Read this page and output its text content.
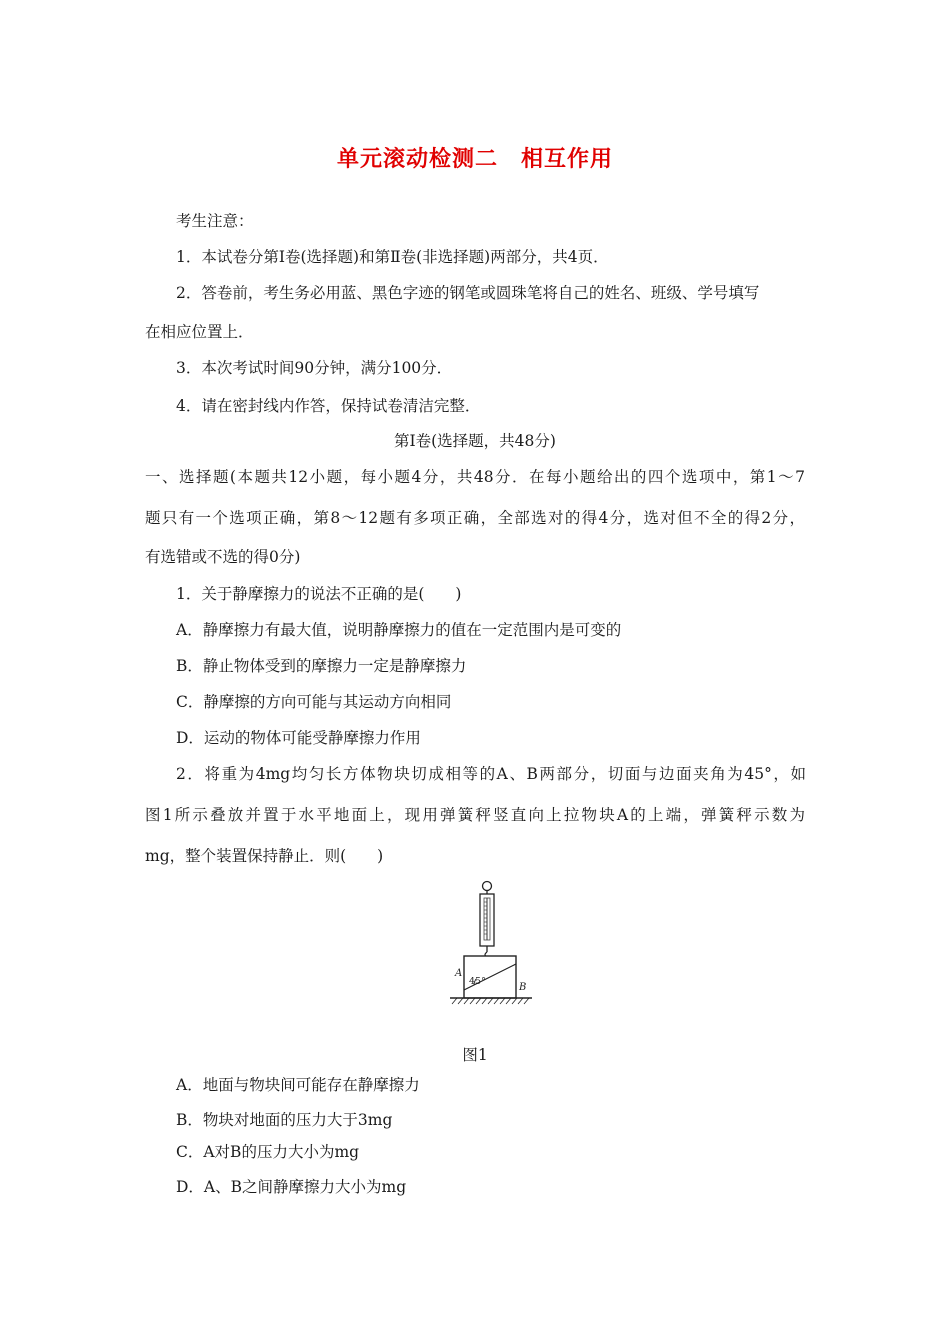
单元滚动检测二　相互作用
考生注意：
1．本试卷分第Ⅰ卷(选择题)和第Ⅱ卷(非选择题)两部分，共4页．
2．答卷前，考生务必用蓝、黑色字迹的钢笔或圆珠笔将自己的姓名、班级、学号填写
在相应位置上．
3．本次考试时间90分钟，满分100分．
4．请在密封线内作答，保持试卷清洁完整．
第Ⅰ卷(选择题，共48分)
一、选择题(本题共12小题，每小题4分，共48分．在每小题给出的四个选项中，第1～7
题只有一个选项正确，第8～12题有多项正确，全部选对的得4分，选对但不全的得2分，
有选错或不选的得0分)
1．关于静摩擦力的说法不正确的是(　　)
A．静摩擦力有最大值，说明静摩擦力的值在一定范围内是可变的
B．静止物体受到的摩擦力一定是静摩擦力
C．静摩擦的方向可能与其运动方向相同
D．运动的物体可能受静摩擦力作用
2．将重为4mg均匀长方体物块切成相等的A、B两部分，切面与边面夹角为45°，如
图1所示叠放并置于水平地面上，现用弹簧秤竖直向上拉物块A的上端，弹簧秤示数为
mg，整个装置保持静止．则(　　)
45°
A
B
图1
A．地面与物块间可能存在静摩擦力
B．物块对地面的压力大于3mg
C．A对B的压力大小为mg
D．A、B之间静摩擦力大小为mg
